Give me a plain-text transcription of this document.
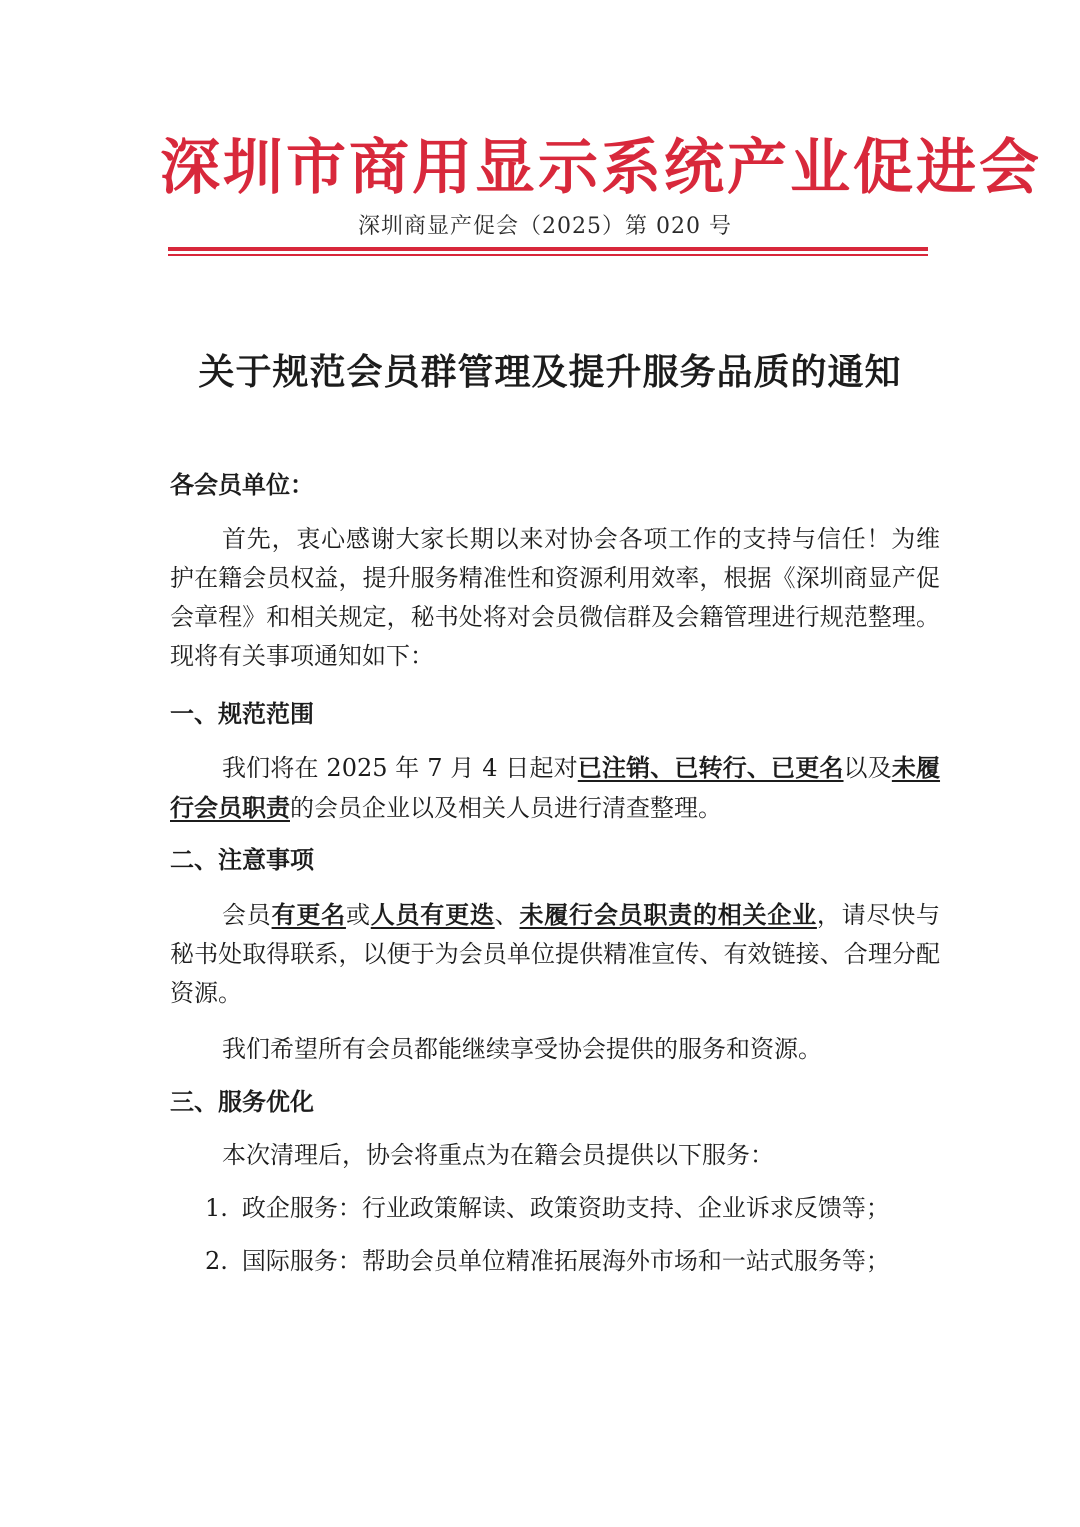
深圳市商用显示系统产业促进会
深圳商显产促会（2025）第 020 号
关于规范会员群管理及提升服务品质的通知
各会员单位：
首先，衷心感谢大家长期以来对协会各项工作的支持与信任！为维护在籍会员权益，提升服务精准性和资源利用效率，根据《深圳商显产促会章程》和相关规定，秘书处将对会员微信群及会籍管理进行规范整理。现将有关事项通知如下：
一、规范范围
我们将在 2025 年 7 月 4 日起对已注销、已转行、已更名以及未履行会员职责的会员企业以及相关人员进行清查整理。
二、注意事项
会员有更名或人员有更迭、未履行会员职责的相关企业，请尽快与秘书处取得联系，以便于为会员单位提供精准宣传、有效链接、合理分配资源。
我们希望所有会员都能继续享受协会提供的服务和资源。
三、服务优化
本次清理后，协会将重点为在籍会员提供以下服务：
1. 政企服务：行业政策解读、政策资助支持、企业诉求反馈等；
2. 国际服务：帮助会员单位精准拓展海外市场和一站式服务等；
